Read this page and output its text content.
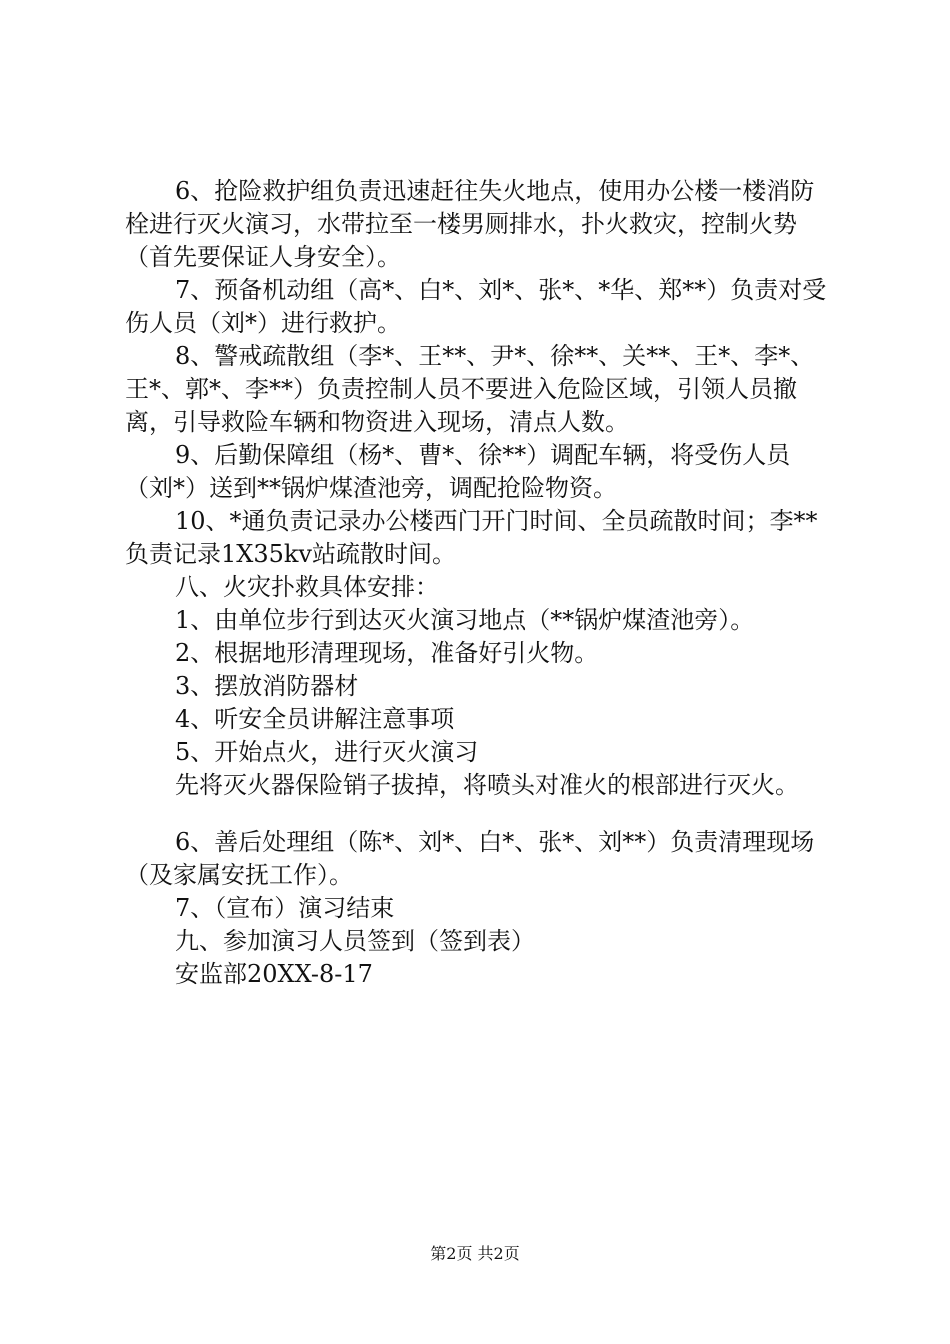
6、抢险救护组负责迅速赶往失火地点，使用办公楼一楼消防栓进行灭火演习，水带拉至一楼男厕排水，扑火救灾，控制火势（首先要保证人身安全）。

7、预备机动组（高*、白*、刘*、张*、*华、郑**）负责对受伤人员（刘*）进行救护。

8、警戒疏散组（李*、王**、尹*、徐**、关**、王*、李*、王*、郭*、李**）负责控制人员不要进入危险区域，引领人员撤离，引导救险车辆和物资进入现场，清点人数。

9、后勤保障组（杨*、曹*、徐**）调配车辆，将受伤人员（刘*）送到**锅炉煤渣池旁，调配抢险物资。

10、*通负责记录办公楼西门开门时间、全员疏散时间；李**负责记录1X35kv站疏散时间。

八、火灾扑救具体安排：

1、由单位步行到达灭火演习地点（**锅炉煤渣池旁）。

2、根据地形清理现场，准备好引火物。

3、摆放消防器材

4、听安全员讲解注意事项

5、开始点火，进行灭火演习

先将灭火器保险销子拔掉，将喷头对准火的根部进行灭火。

6、善后处理组（陈*、刘*、白*、张*、刘**）负责清理现场（及家属安抚工作）。

7、（宣布）演习结束

九、参加演习人员签到（签到表）

安监部20XX-8-17

第2页 共2页
